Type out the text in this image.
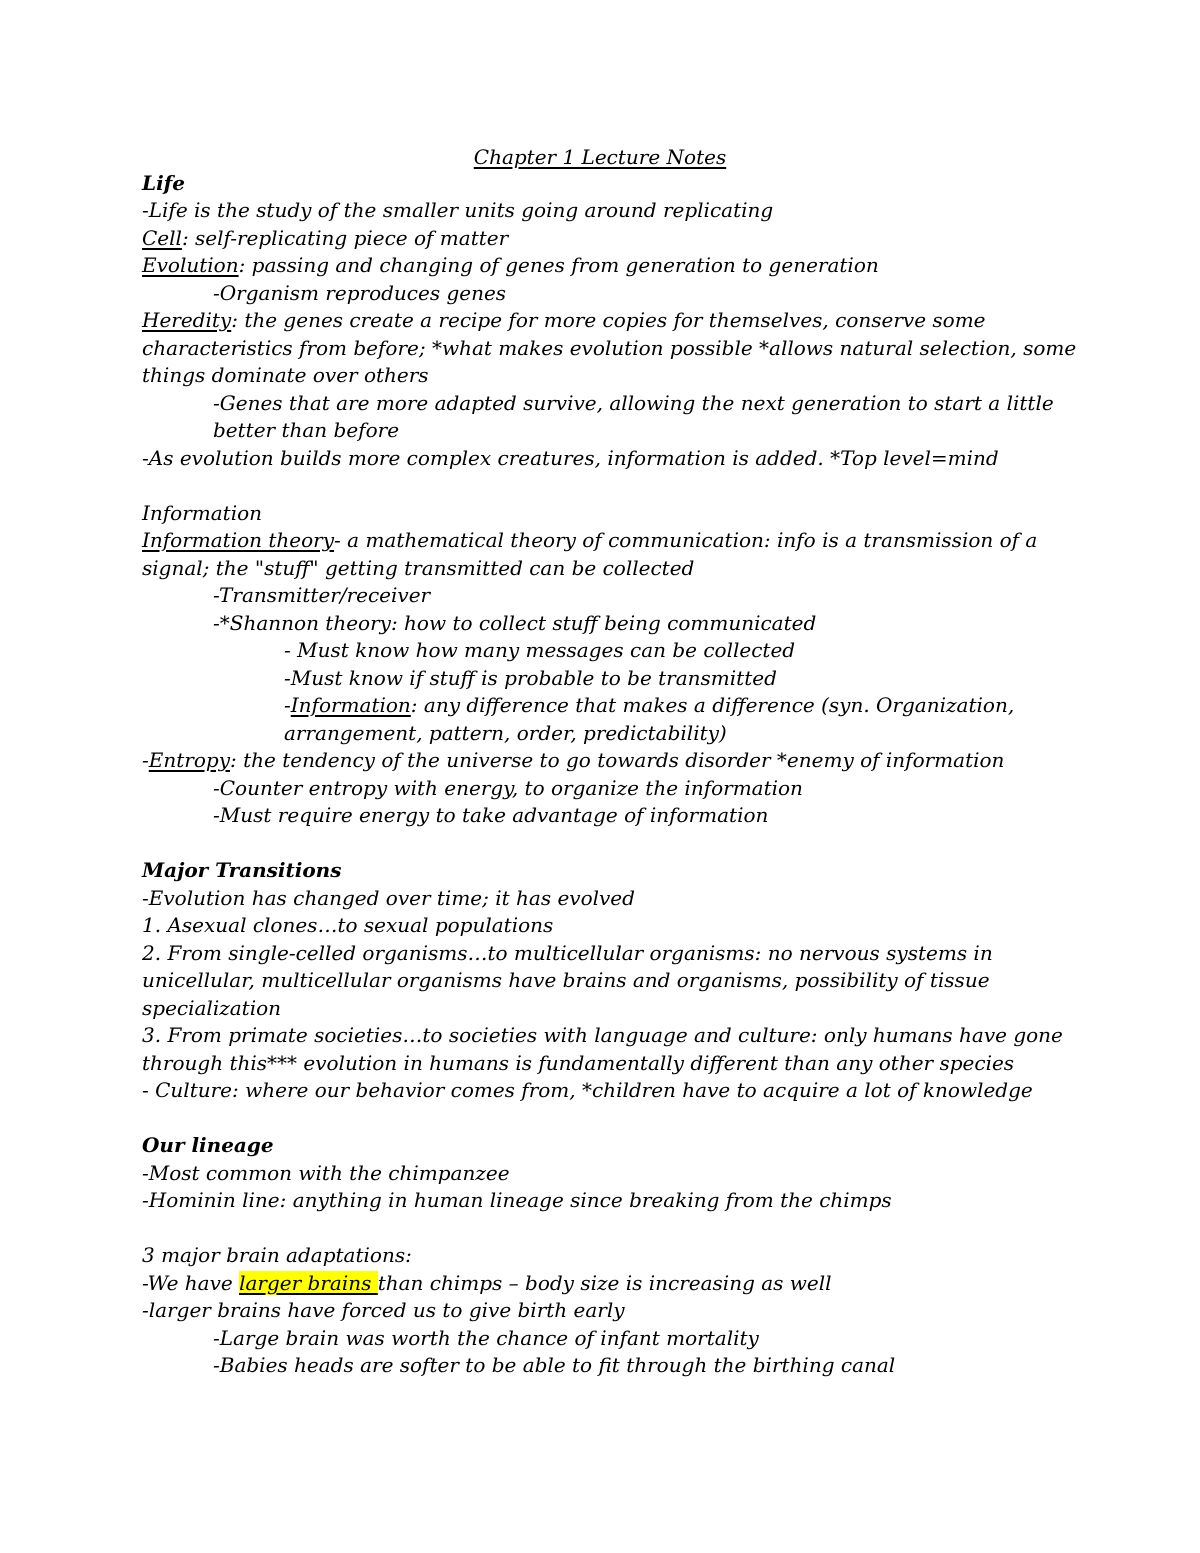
Chapter 1 Lecture Notes
Life
-Life is the study of the smaller units going around replicating
Cell: self-replicating piece of matter
Evolution: passing and changing of genes from generation to generation
-Organism reproduces genes
Heredity: the genes create a recipe for more copies for themselves, conserve some
characteristics from before; *what makes evolution possible *allows natural selection, some
things dominate over others
-Genes that are more adapted survive, allowing the next generation to start a little
better than before
-As evolution builds more complex creatures, information is added. *Top level=mind
Information
Information theory- a mathematical theory of communication: info is a transmission of a
signal; the "stuff" getting transmitted can be collected
-Transmitter/receiver
-*Shannon theory: how to collect stuff being communicated
- Must know how many messages can be collected
-Must know if stuff is probable to be transmitted
-Information: any difference that makes a difference (syn. Organization,
arrangement, pattern, order, predictability)
-Entropy: the tendency of the universe to go towards disorder *enemy of information
-Counter entropy with energy, to organize the information
-Must require energy to take advantage of information
Major Transitions
-Evolution has changed over time; it has evolved
1. Asexual clones…to sexual populations
2. From single-celled organisms…to multicellular organisms: no nervous systems in
unicellular, multicellular organisms have brains and organisms, possibility of tissue
specialization
3. From primate societies…to societies with language and culture: only humans have gone
through this*** evolution in humans is fundamentally different than any other species
- Culture: where our behavior comes from, *children have to acquire a lot of knowledge
Our lineage
-Most common with the chimpanzee
-Hominin line: anything in human lineage since breaking from the chimps
3 major brain adaptations:
-We have larger brains than chimps – body size is increasing as well
-larger brains have forced us to give birth early
-Large brain was worth the chance of infant mortality
-Babies heads are softer to be able to fit through the birthing canal
